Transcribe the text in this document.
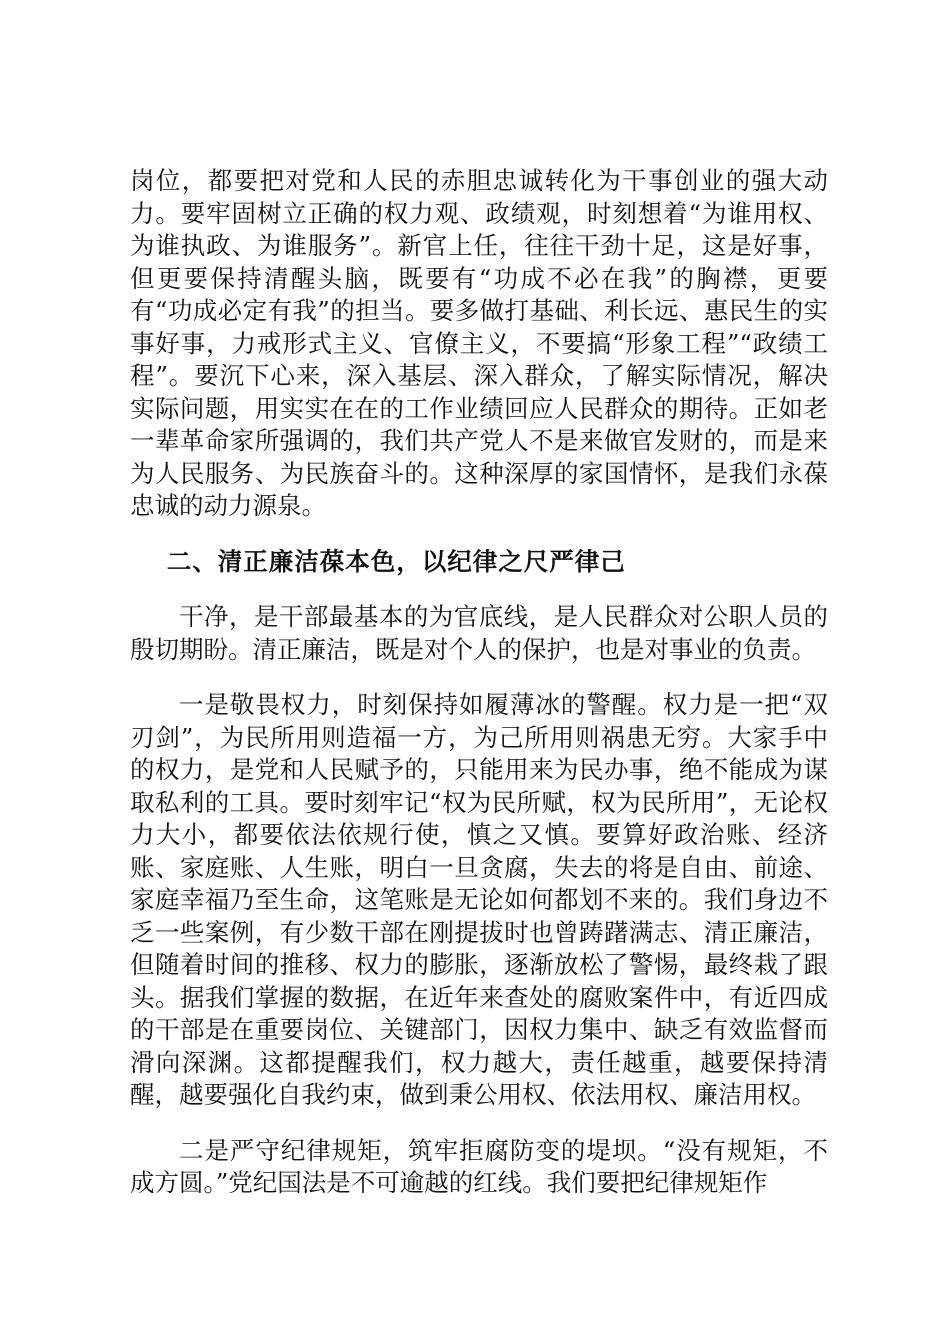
岗位，都要把对党和人民的赤胆忠诚转化为干事创业的强大动力。要牢固树立正确的权力观、政绩观，时刻想着“为谁用权、为谁执政、为谁服务”。新官上任，往往干劲十足，这是好事，但更要保持清醒头脑，既要有“功成不必在我”的胸襟，更要有“功成必定有我”的担当。要多做打基础、利长远、惠民生的实事好事，力戒形式主义、官僚主义，不要搞“形象工程”“政绩工程”。要沉下心来，深入基层、深入群众，了解实际情况，解决实际问题，用实实在在的工作业绩回应人民群众的期待。正如老一辈革命家所强调的，我们共产党人不是来做官发财的，而是来为人民服务、为民族奋斗的。这种深厚的家国情怀，是我们永葆忠诚的动力源泉。

二、清正廉洁葆本色，以纪律之尺严律己

干净，是干部最基本的为官底线，是人民群众对公职人员的殷切期盼。清正廉洁，既是对个人的保护，也是对事业的负责。

一是敬畏权力，时刻保持如履薄冰的警醒。权力是一把“双刃剑”，为民所用则造福一方，为己所用则祸患无穷。大家手中的权力，是党和人民赋予的，只能用来为民办事，绝不能成为谋取私利的工具。要时刻牢记“权为民所赋，权为民所用”，无论权力大小，都要依法依规行使，慎之又慎。要算好政治账、经济账、家庭账、人生账，明白一旦贪腐，失去的将是自由、前途、家庭幸福乃至生命，这笔账是无论如何都划不来的。我们身边不乏一些案例，有少数干部在刚提拔时也曾踌躇满志、清正廉洁，但随着时间的推移、权力的膨胀，逐渐放松了警惕，最终栽了跟头。据我们掌握的数据，在近年来查处的腐败案件中，有近四成的干部是在重要岗位、关键部门，因权力集中、缺乏有效监督而滑向深渊。这都提醒我们，权力越大，责任越重，越要保持清醒，越要强化自我约束，做到秉公用权、依法用权、廉洁用权。

二是严守纪律规矩，筑牢拒腐防变的堤坝。“没有规矩，不成方圆。”党纪国法是不可逾越的红线。我们要把纪律规矩作
